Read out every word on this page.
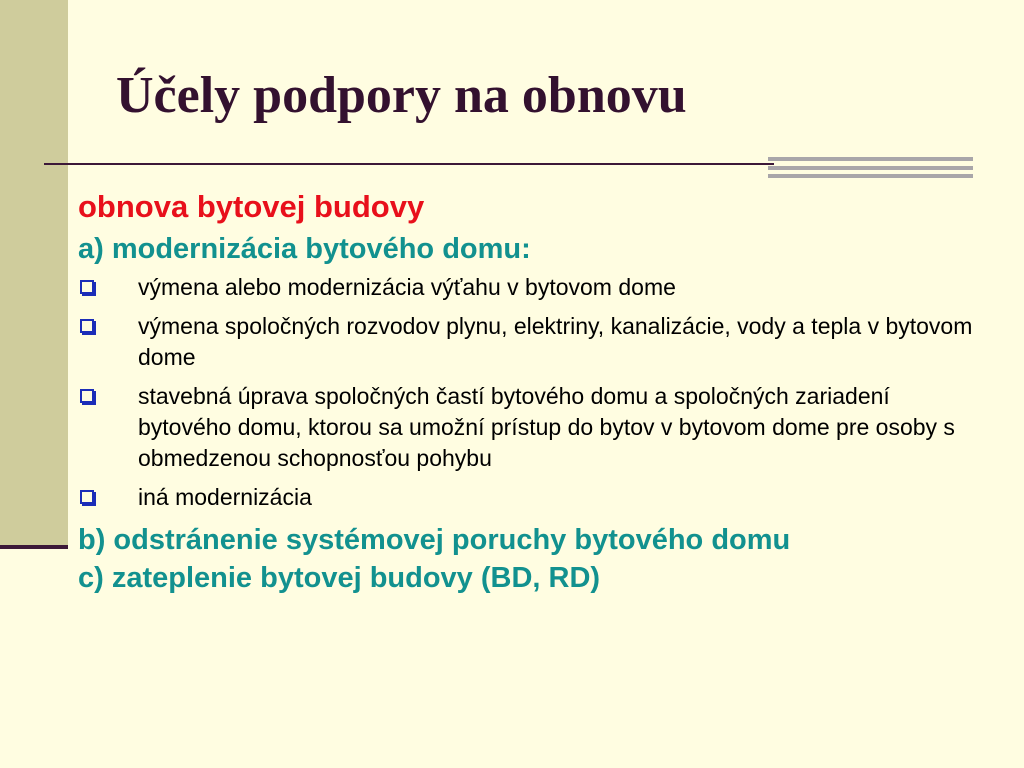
Účely podpory na obnovu

obnova bytovej budovy

a) modernizácia bytového domu:

výmena alebo modernizácia výťahu v bytovom dome
výmena spoločných rozvodov plynu, elektriny, kanalizácie, vody a tepla v bytovom dome
stavebná úprava spoločných častí bytového domu a spoločných zariadení bytového domu, ktorou sa umožní prístup do bytov v bytovom dome pre osoby s obmedzenou schopnosťou pohybu
iná modernizácia

b) odstránenie systémovej poruchy bytového domu

c) zateplenie bytovej budovy (BD, RD)
